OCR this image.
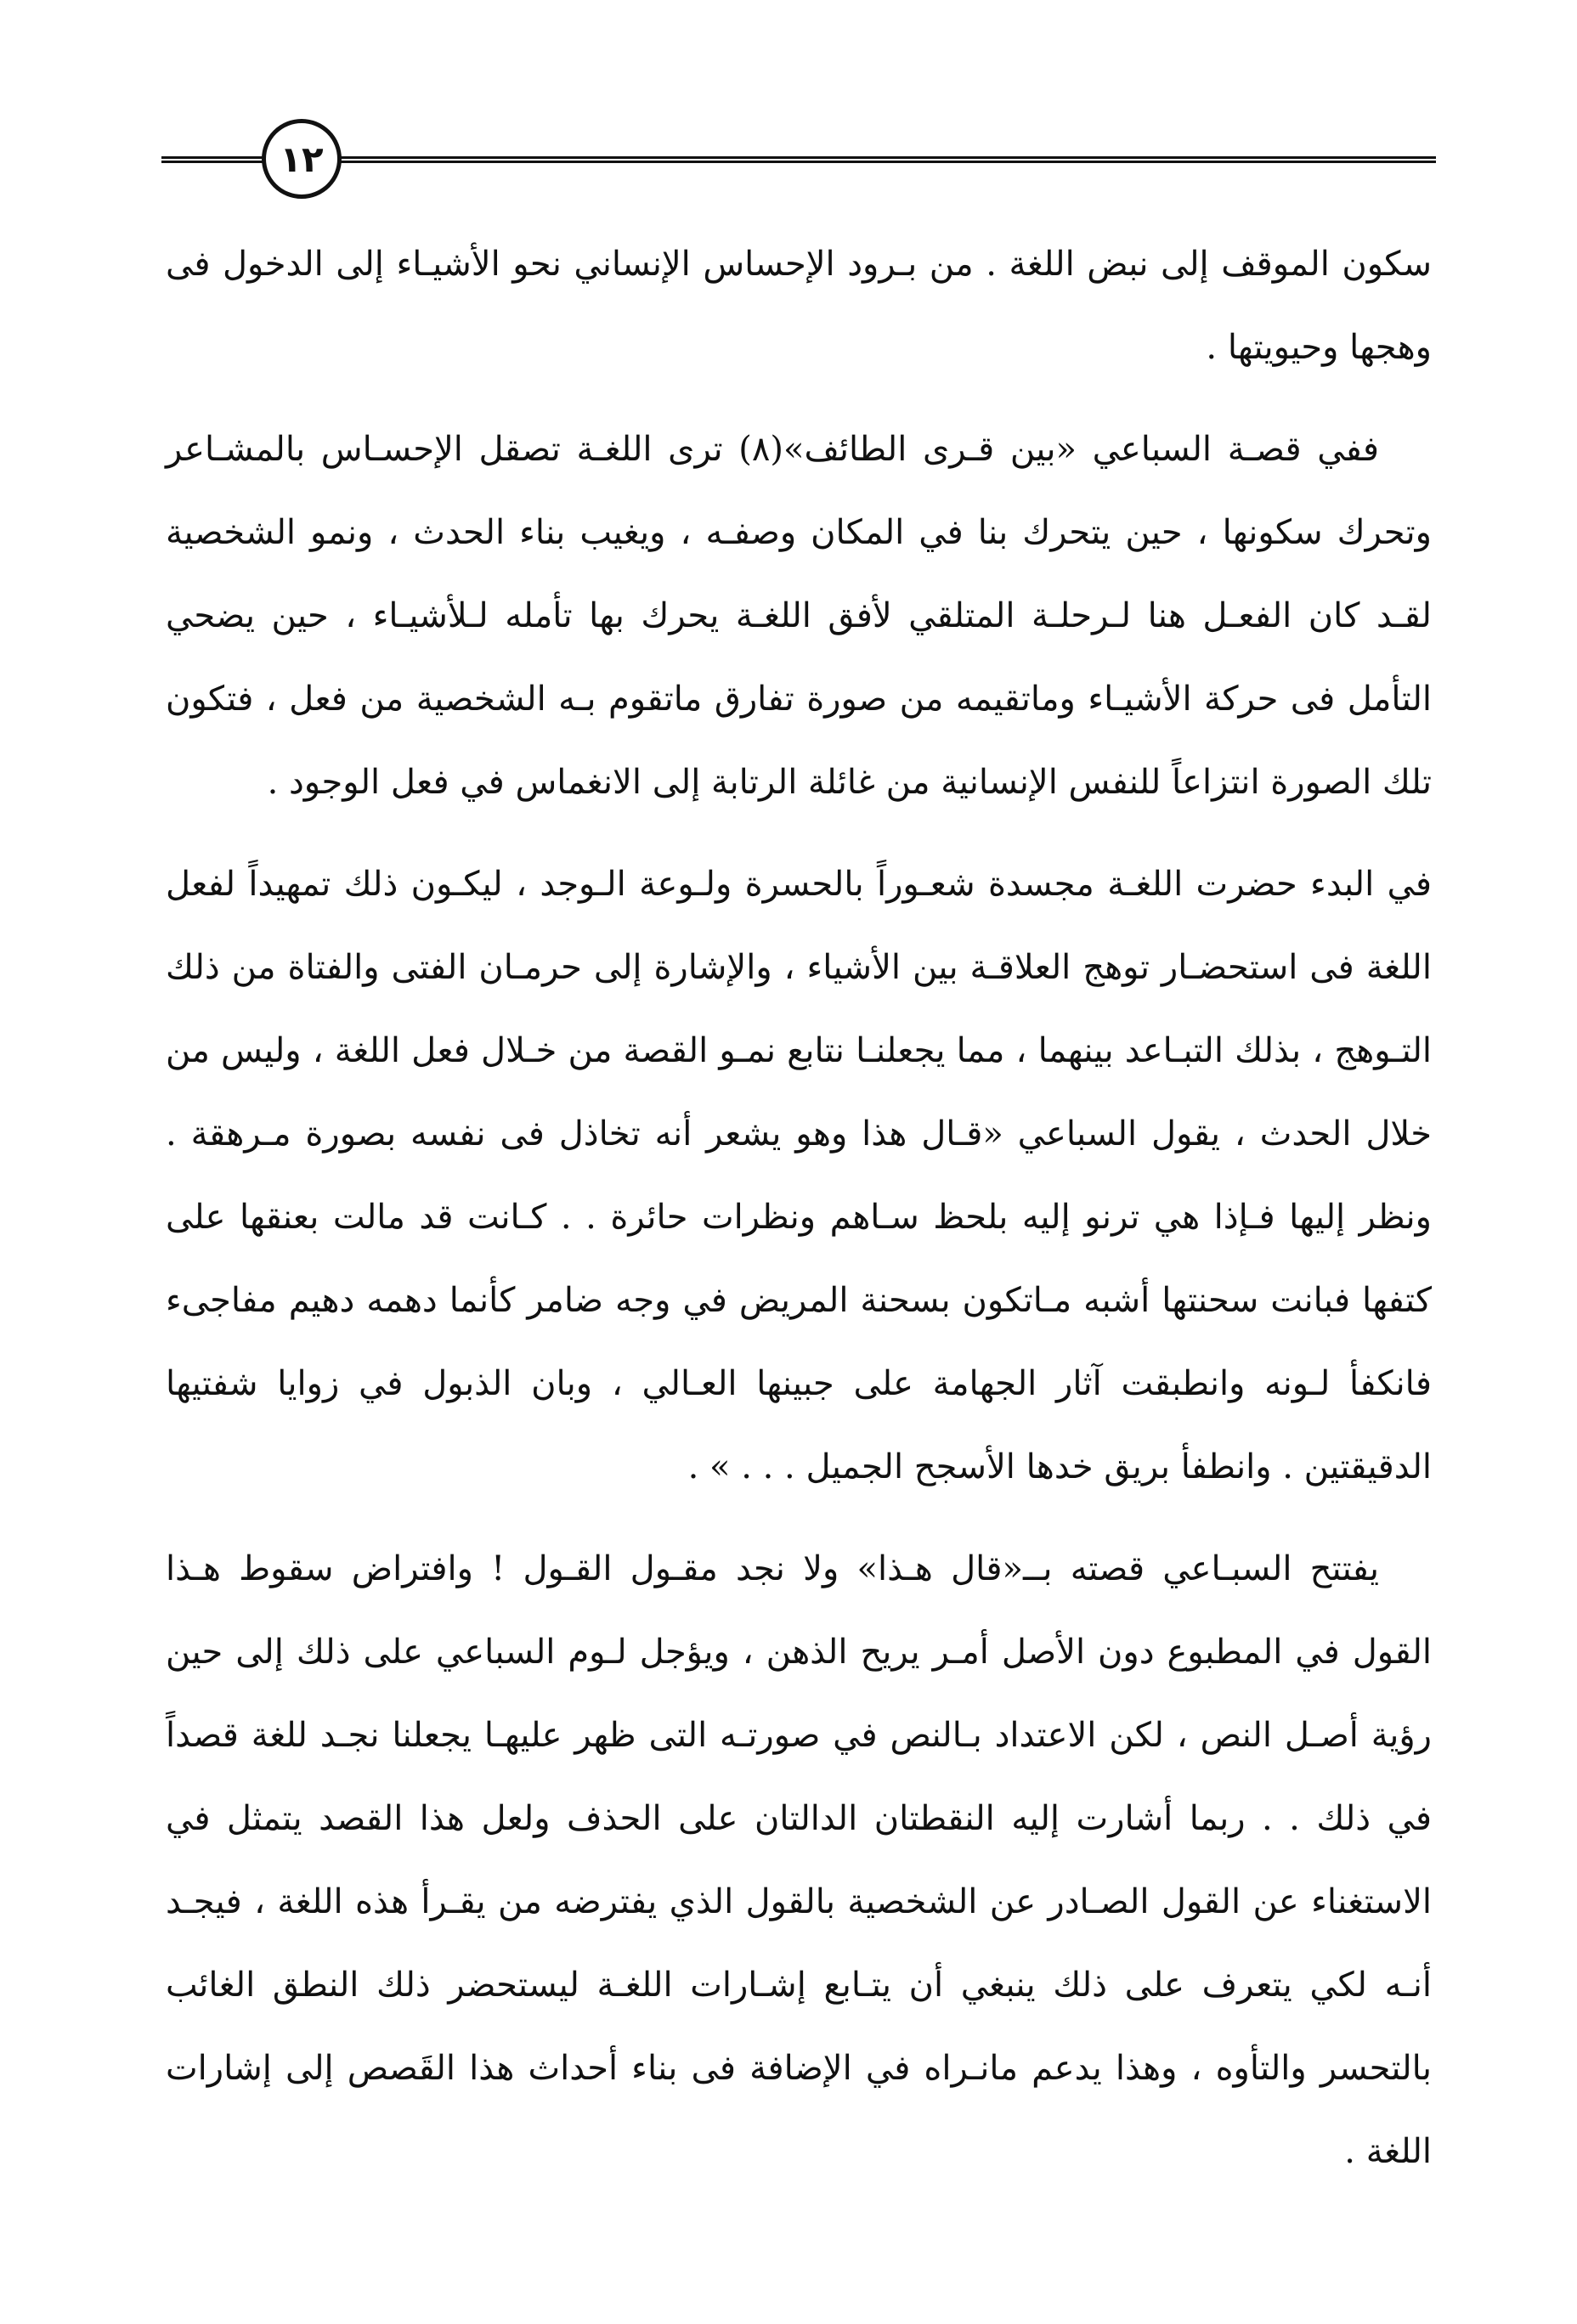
١٢

سكون الموقف إلى نبض اللغة . من بـرود الإحساس الإنساني نحو الأشيـاء إلى الدخول فى وهجها وحيويتها .

ففي قصـة السباعي «بين قـرى الطائف»(٨) ترى اللغـة تصقل الإحسـاس بالمشـاعر وتحرك سكونها ، حين يتحرك بنا في المكان وصفـه ، ويغيب بناء الحدث ، ونمو الشخصية لقـد كان الفعـل هنا لـرحلـة المتلقي لأفق اللغـة يحرك بها تأمله لـلأشيـاء ، حين يضحي التأمل فى حركة الأشيـاء وماتقيمه من صورة تفارق ماتقوم بـه الشخصية من فعل ، فتكون تلك الصورة انتزاعاً للنفس الإنسانية من غائلة الرتابة إلى الانغماس في فعل الوجود .

في البدء حضرت اللغـة مجسدة شعـوراً بالحسرة ولـوعة الـوجد ، ليكـون ذلك تمهيداً لفعل اللغة فى استحضـار توهج العلاقـة بين الأشياء ، والإشارة إلى حرمـان الفتى والفتاة من ذلك التـوهج ، بذلك التبـاعد بينهما ، مما يجعلنـا نتابع نمـو القصة من خـلال فعل اللغة ، وليس من خلال الحدث ، يقول السباعي «قـال هذا وهو يشعر أنه تخاذل فى نفسه بصورة مـرهقة . ونظر إليها فـإذا هي ترنو إليه بلحظ سـاهم ونظرات حائرة . . كـانت قد مالت بعنقها على كتفها فبانت سحنتها أشبه مـاتكون بسحنة المريض في وجه ضامر كأنما دهمه دهيم مفاجىء فانكفأ لـونه وانطبقت آثار الجهامة على جبينها العـالي ، وبان الذبول في زوايا شفتيها الدقيقتين . وانطفأ بريق خدها الأسجح الجميل . . . » .

يفتتح السبـاعي قصته بــ«قال هـذا» ولا نجد مقـول القـول ! وافتراض سقوط هـذا القول في المطبوع دون الأصل أمـر يريح الذهن ، ويؤجل لـوم السباعي على ذلك إلى حين رؤية أصـل النص ، لكن الاعتداد بـالنص في صورتـه التى ظهر عليهـا يجعلنا نجـد للغة قصداً في ذلك . . ربما أشارت إليه النقطتان الدالتان على الحذف ولعل هذا القصد يتمثل في الاستغناء عن القول الصـادر عن الشخصية بالقول الذي يفترضه من يقـرأ هذه اللغة ، فيجـد أنـه لكي يتعرف على ذلك ينبغي أن يتـابع إشـارات اللغـة ليستحضر ذلك النطق الغائب بالتحسر والتأوه ، وهذا يدعم مانـراه في الإضافة فى بناء أحداث هذا القَصص إلى إشارات اللغة .
